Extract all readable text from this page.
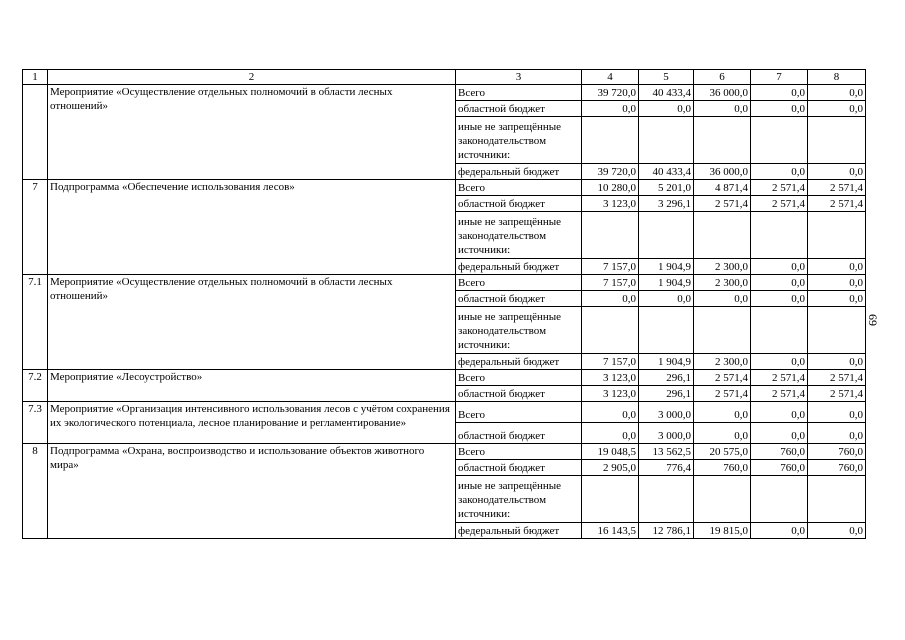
1	2	3	4	5	6	7	8
	Мероприятие «Осуществление отдельных полномочий в области лесных отношений»	Всего	39 720,0	40 433,4	36 000,0	0,0	0,0
		областной бюджет	0,0	0,0	0,0	0,0	0,0
		иные не запрещённые законодательством источники:					
		федеральный бюджет	39 720,0	40 433,4	36 000,0	0,0	0,0
7	Подпрограмма «Обеспечение использования лесов»	Всего	10 280,0	5 201,0	4 871,4	2 571,4	2 571,4
		областной бюджет	3 123,0	3 296,1	2 571,4	2 571,4	2 571,4
		иные не запрещённые законодательством источники:					
		федеральный бюджет	7 157,0	1 904,9	2 300,0	0,0	0,0
7.1	Мероприятие «Осуществление отдельных полномочий в области лесных отношений»	Всего	7 157,0	1 904,9	2 300,0	0,0	0,0
		областной бюджет	0,0	0,0	0,0	0,0	0,0
		иные не запрещённые законодательством источники:					
		федеральный бюджет	7 157,0	1 904,9	2 300,0	0,0	0,0
7.2	Мероприятие «Лесоустройство»	Всего	3 123,0	296,1	2 571,4	2 571,4	2 571,4
		областной бюджет	3 123,0	296,1	2 571,4	2 571,4	2 571,4
7.3	Мероприятие «Организация интенсивного использования лесов с учётом сохранения их экологического потенциала, лесное планирование и регламентирование»	Всего	0,0	3 000,0	0,0	0,0	0,0
		областной бюджет	0,0	3 000,0	0,0	0,0	0,0
8	Подпрограмма «Охрана, воспроизводство и использование объектов животного мира»	Всего	19 048,5	13 562,5	20 575,0	760,0	760,0
		областной бюджет	2 905,0	776,4	760,0	760,0	760,0
		иные не запрещённые законодательством источники:					
		федеральный бюджет	16 143,5	12 786,1	19 815,0	0,0	0,0
69
